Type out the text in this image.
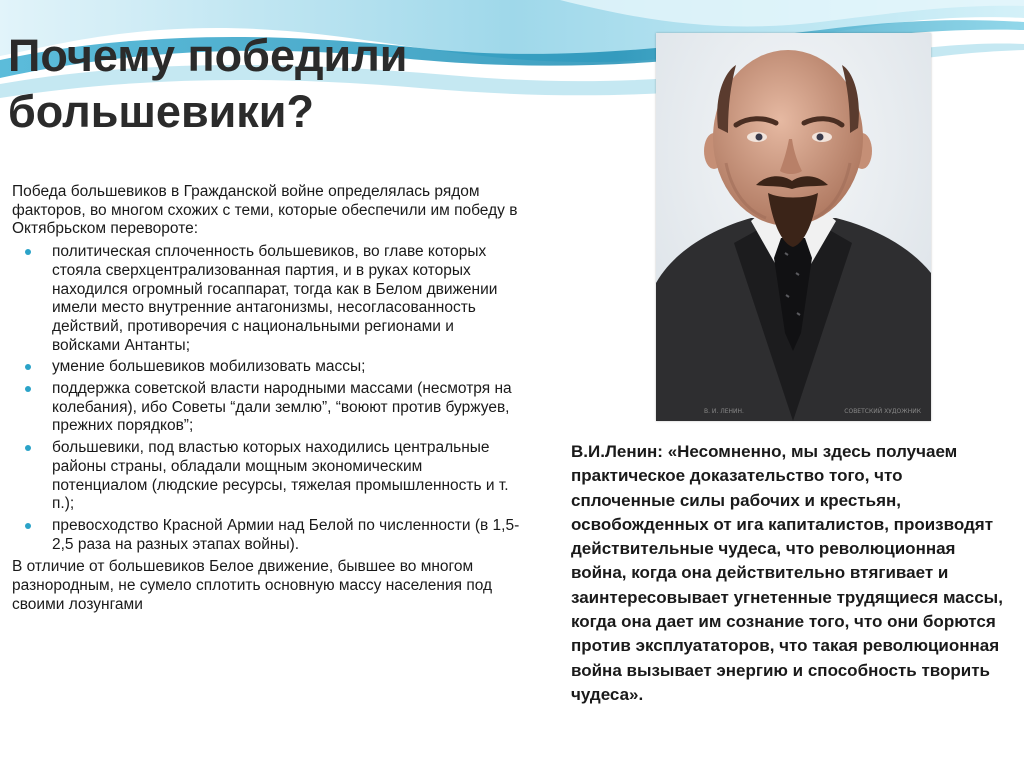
Почему победили большевики?
В. И. ЛЕНИН.	СОВЕТСКИЙ ХУДОЖНИК

Победа большевиков в Гражданской войне определялась рядом факторов, во многом схожих с теми, которые обеспечили им победу в Октябрьском перевороте:

политическая сплоченность большевиков, во главе которых стояла сверхцентрализованная партия, и в руках которых находился огромный госаппарат, тогда как в Белом движении имели место внутренние антагонизмы, несогласованность действий, противоречия с национальными регионами и войсками Антанты;
умение большевиков мобилизовать массы;
поддержка советской власти народными массами (несмотря на колебания), ибо Советы “дали землю”, “воюют против буржуев, прежних порядков”;
большевики, под властью которых находились центральные районы страны, обладали мощным экономическим потенциалом (людские ресурсы, тяжелая промышленность и т. п.);
превосходство Красной Армии над Белой по численности (в 1,5-2,5 раза на разных этапах войны).

В отличие от большевиков Белое движение, бывшее во многом разнородным, не сумело сплотить основную массу населения под своими лозунгами

В.И.Ленин: «Несомненно, мы здесь получаем практическое доказательство того, что сплоченные силы рабочих и крестьян, освобожденных от ига капиталистов, производят действительные чудеса, что революционная война, когда она действительно втягивает и заинтересовывает угнетенные трудящиеся массы, когда она дает им сознание того, что они борются против эксплуататоров, что такая революционная война вызывает энергию и способность творить чудеса».
